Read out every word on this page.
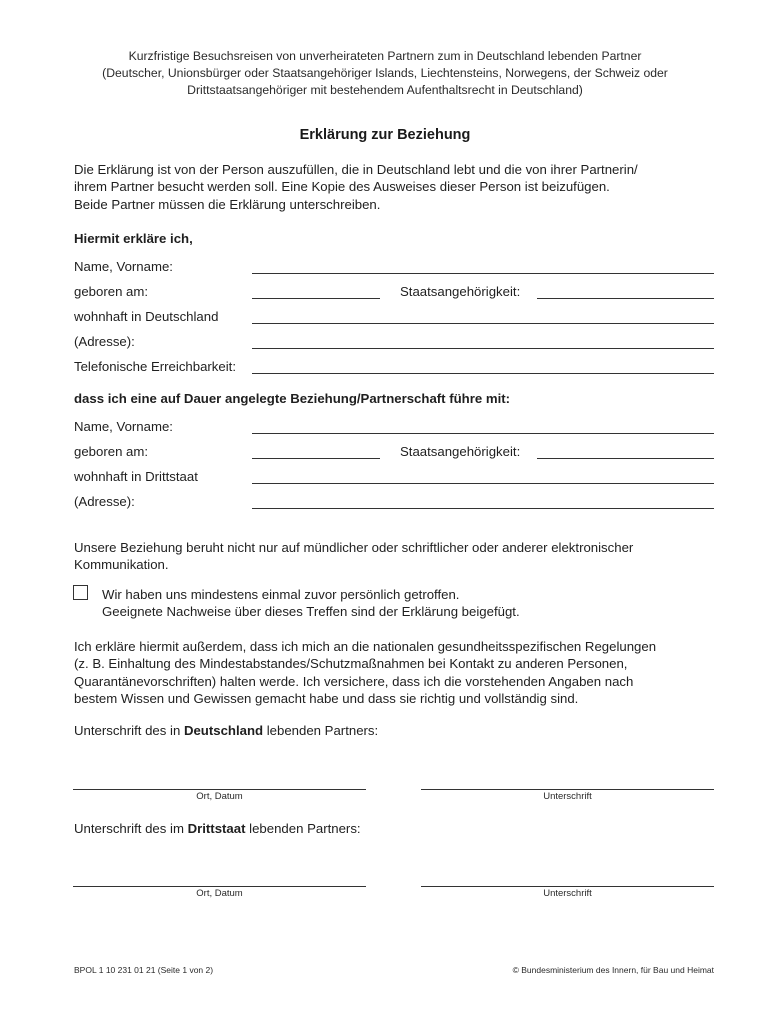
Kurzfristige Besuchsreisen von unverheirateten Partnern zum in Deutschland lebenden Partner

(Deutscher, Unionsbürger oder Staatsangehöriger Islands, Liechtensteins, Norwegens, der Schweiz oder

Drittstaatsangehöriger mit bestehendem Aufenthaltsrecht in Deutschland)

Erklärung zur Beziehung

Die Erklärung ist von der Person auszufüllen, die in Deutschland lebt und die von ihrer Partnerin/

ihrem Partner besucht werden soll. Eine Kopie des Ausweises dieser Person ist beizufügen.

Beide Partner müssen die Erklärung unterschreiben.

Hiermit erkläre ich,
Name, Vorname:
geboren am:	Staatsangehörigkeit:
wohnhaft in Deutschland
(Adresse):
Telefonische Erreichbarkeit:
dass ich eine auf Dauer angelegte Beziehung/Partnerschaft führe mit:
Name, Vorname:
geboren am:	Staatsangehörigkeit:
wohnhaft in Drittstaat
(Adresse):

Unsere Beziehung beruht nicht nur auf mündlicher oder schriftlicher oder anderer elektronischer

Kommunikation.

Wir haben uns mindestens einmal zuvor persönlich getroffen.

Geeignete Nachweise über dieses Treffen sind der Erklärung beigefügt.

Ich erkläre hiermit außerdem, dass ich mich an die nationalen gesundheitsspezifischen Regelungen

(z. B. Einhaltung des Mindestabstandes/Schutzmaßnahmen bei Kontakt zu anderen Personen,

Quarantänevorschriften) halten werde. Ich versichere, dass ich die vorstehenden Angaben nach

bestem Wissen und Gewissen gemacht habe und dass sie richtig und vollständig sind.

Unterschrift des in Deutschland lebenden Partners:
Ort, Datum	Unterschrift
Unterschrift des im Drittstaat lebenden Partners:
Ort, Datum	Unterschrift
BPOL 1 10 231 01 21 (Seite 1 von 2)	© Bundesministerium des Innern, für Bau und Heimat
